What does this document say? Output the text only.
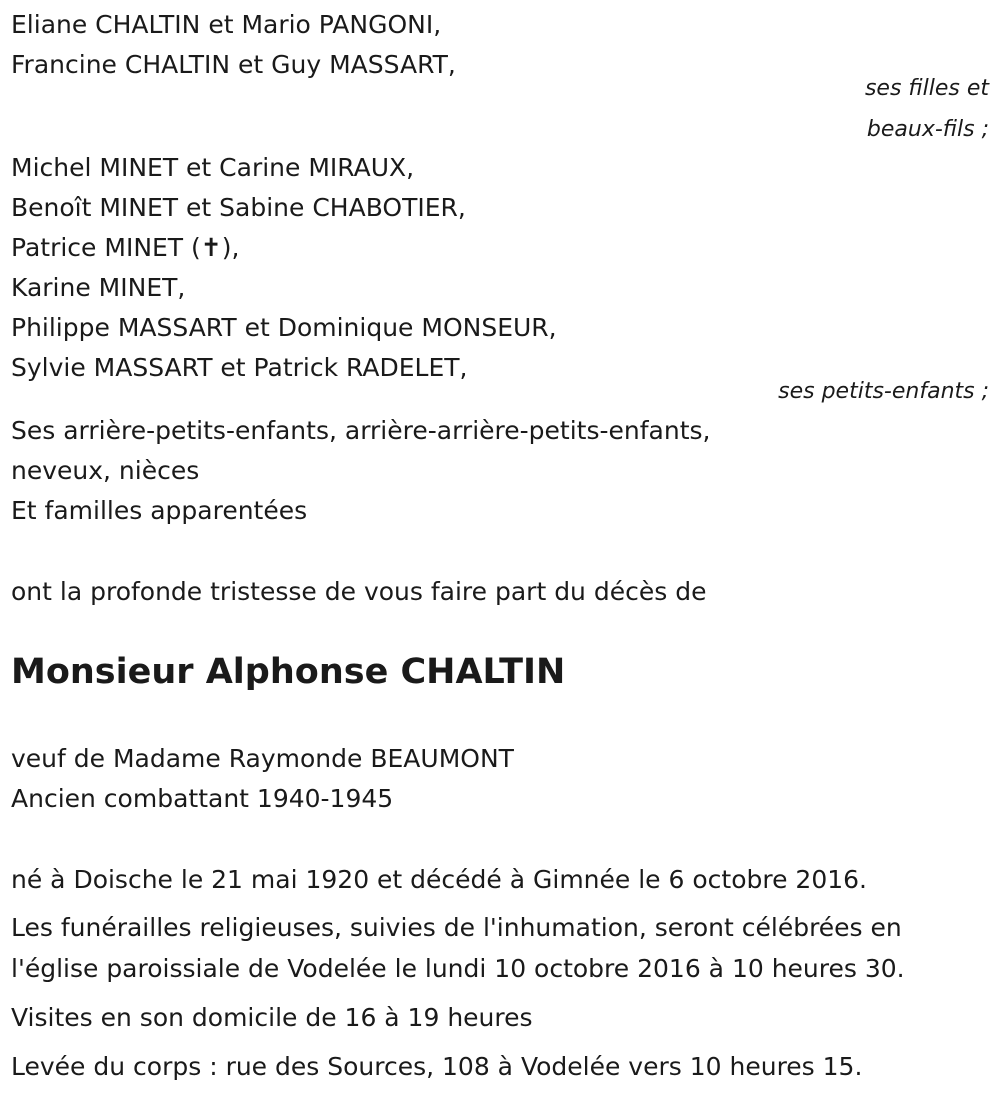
Eliane CHALTIN et Mario PANGONI,

Francine CHALTIN et Guy MASSART,

ses filles et

beaux-fils ;

Michel MINET et Carine MIRAUX,

Benoît MINET et Sabine CHABOTIER,

Patrice MINET (✝),

Karine MINET,

Philippe MASSART et Dominique MONSEUR,

Sylvie MASSART et Patrick RADELET,

ses petits-enfants ;

Ses arrière-petits-enfants, arrière-arrière-petits-enfants,

neveux, nièces

Et familles apparentées

ont la profonde tristesse de vous faire part du décès de

Monsieur Alphonse CHALTIN

veuf de Madame Raymonde BEAUMONT

Ancien combattant 1940-1945

né à Doische le 21 mai 1920 et décédé à Gimnée le 6 octobre 2016.

Les funérailles religieuses, suivies de l'inhumation, seront célébrées en

l'église paroissiale de Vodelée le lundi 10 octobre 2016 à 10 heures 30.

Visites en son domicile de 16 à 19 heures

Levée du corps : rue des Sources, 108 à Vodelée vers 10 heures 15.
